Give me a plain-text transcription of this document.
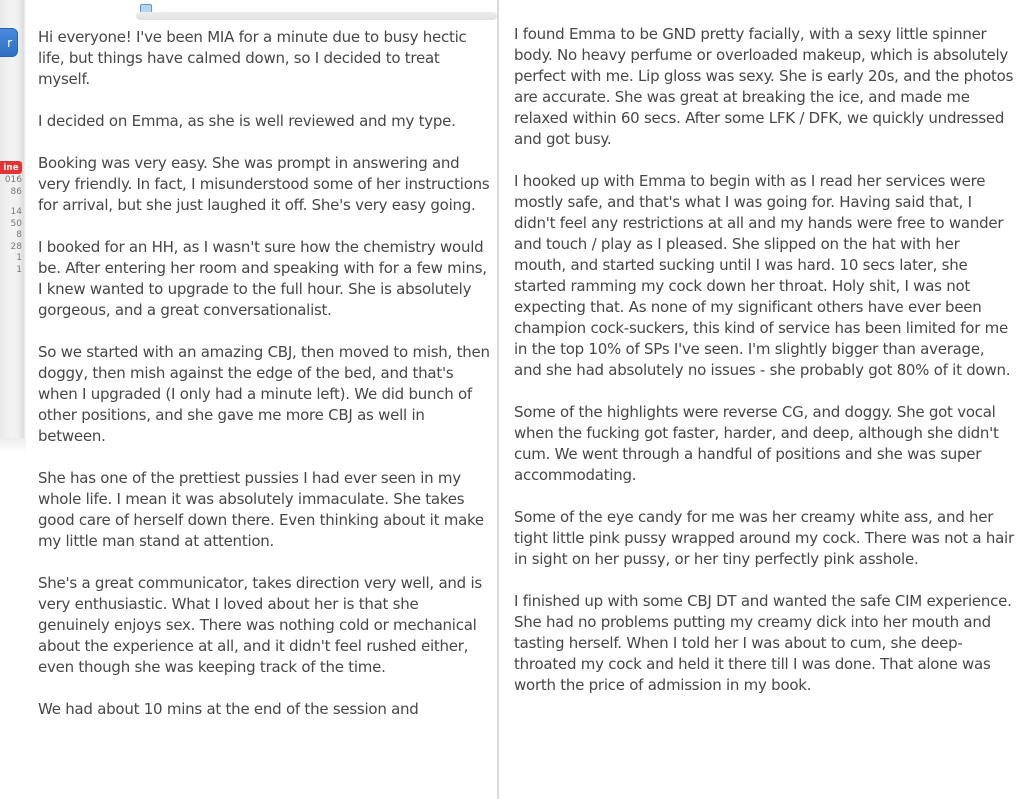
r
ine
016
86
14
50
8
28
1
1

Hi everyone! I've been MIA for a minute due to busy hectic life, but things have calmed down, so I decided to treat myself.

I decided on Emma, as she is well reviewed and my type.

Booking was very easy. She was prompt in answering and very friendly. In fact, I misunderstood some of her instructions for arrival, but she just laughed it off. She's very easy going.

I booked for an HH, as I wasn't sure how the chemistry would be. After entering her room and speaking with for a few mins, I knew wanted to upgrade to the full hour. She is absolutely gorgeous, and a great conversationalist.

So we started with an amazing CBJ, then moved to mish, then doggy, then mish against the edge of the bed, and that's when I upgraded (I only had a minute left). We did bunch of other positions, and she gave me more CBJ as well in between.

She has one of the prettiest pussies I had ever seen in my whole life. I mean it was absolutely immaculate. She takes good care of herself down there. Even thinking about it make my little man stand at attention.

She's a great communicator, takes direction very well, and is very enthusiastic. What I loved about her is that she genuinely enjoys sex. There was nothing cold or mechanical about the experience at all, and it didn't feel rushed either, even though she was keeping track of the time.

We had about 10 mins at the end of the session and

I found Emma to be GND pretty facially, with a sexy little spinner body. No heavy perfume or overloaded makeup, which is absolutely perfect with me. Lip gloss was sexy. She is early 20s, and the photos are accurate. She was great at breaking the ice, and made me relaxed within 60 secs. After some LFK / DFK, we quickly undressed and got busy.

I hooked up with Emma to begin with as I read her services were mostly safe, and that's what I was going for. Having said that, I didn't feel any restrictions at all and my hands were free to wander and touch / play as I pleased. She slipped on the hat with her mouth, and started sucking until I was hard. 10 secs later, she started ramming my cock down her throat. Holy shit, I was not expecting that. As none of my significant others have ever been champion cock-suckers, this kind of service has been limited for me in the top 10% of SPs I've seen. I'm slightly bigger than average, and she had absolutely no issues - she probably got 80% of it down.

Some of the highlights were reverse CG, and doggy. She got vocal when the fucking got faster, harder, and deep, although she didn't cum. We went through a handful of positions and she was super accommodating.

Some of the eye candy for me was her creamy white ass, and her tight little pink pussy wrapped around my cock. There was not a hair in sight on her pussy, or her tiny perfectly pink asshole.

I finished up with some CBJ DT and wanted the safe CIM experience. She had no problems putting my creamy dick into her mouth and tasting herself. When I told her I was about to cum, she deep-throated my cock and held it there till I was done. That alone was worth the price of admission in my book.
